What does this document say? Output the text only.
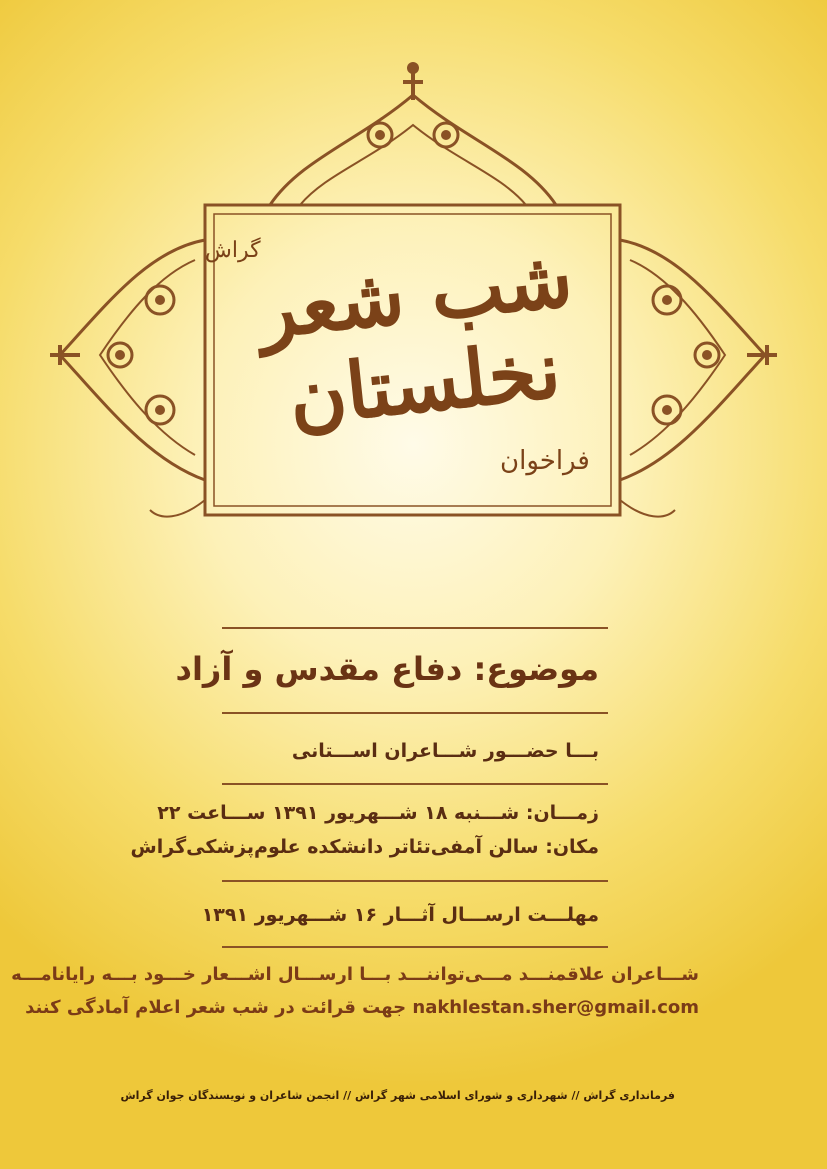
گراش
شب شعر نخلستان
فراخوان
موضوع: دفاع مقدس و آزاد
بـــا حضـــور شـــاعران اســـتانی
زمـــان: شـــنبه ۱۸ شـــهریور ۱۳۹۱ ســـاعت ۲۲
مکان: سالن آمفی‌تئاتر دانشکده علوم‌پزشکی‌گراش
مهلـــت ارســـال آثـــار ۱۶ شـــهریور ۱۳۹۱
شـــاعران علاقمنـــد مـــی‌تواننـــد بـــا ارســـال اشـــعار خـــود بـــه رایانامـــه
nakhlestan.sher@gmail.com جهت قرائت در شب شعر اعلام آمادگی کنند
فرمانداری گراش // شهرداری و شورای اسلامی شهر گراش // انجمن شاعران و نویسندگان جوان گراش
